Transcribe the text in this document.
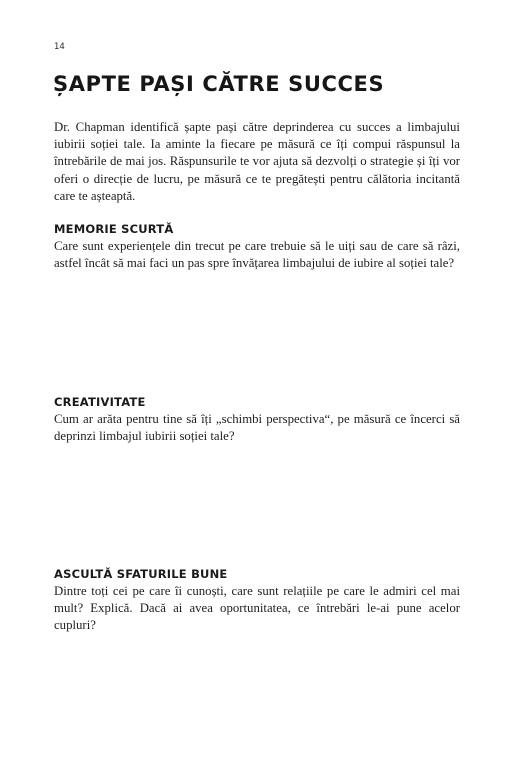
14
ȘAPTE PAȘI CĂTRE SUCCES

Dr. Chapman identifică șapte pași către deprinderea cu succes a limbajului iubirii soției tale. Ia aminte la fiecare pe măsură ce îți compui răspunsul la întrebările de mai jos. Răspunsurile te vor ajuta să dezvolți o strategie și îți vor oferi o direcție de lucru, pe măsură ce te pregătești pentru călătoria incitantă care te așteaptă.

MEMORIE SCURTĂ

Care sunt experiențele din trecut pe care trebuie să le uiți sau de care să râzi, astfel încât să mai faci un pas spre învățarea limbajului de iubire al soției tale?

CREATIVITATE

Cum ar arăta pentru tine să îți „schimbi perspectiva“, pe măsură ce încerci să deprinzi limbajul iubirii soției tale?

ASCULTĂ SFATURILE BUNE

Dintre toți cei pe care îi cunoști, care sunt relațiile pe care le admiri cel mai mult? Explică. Dacă ai avea oportunitatea, ce întrebări le-ai pune acelor cupluri?
